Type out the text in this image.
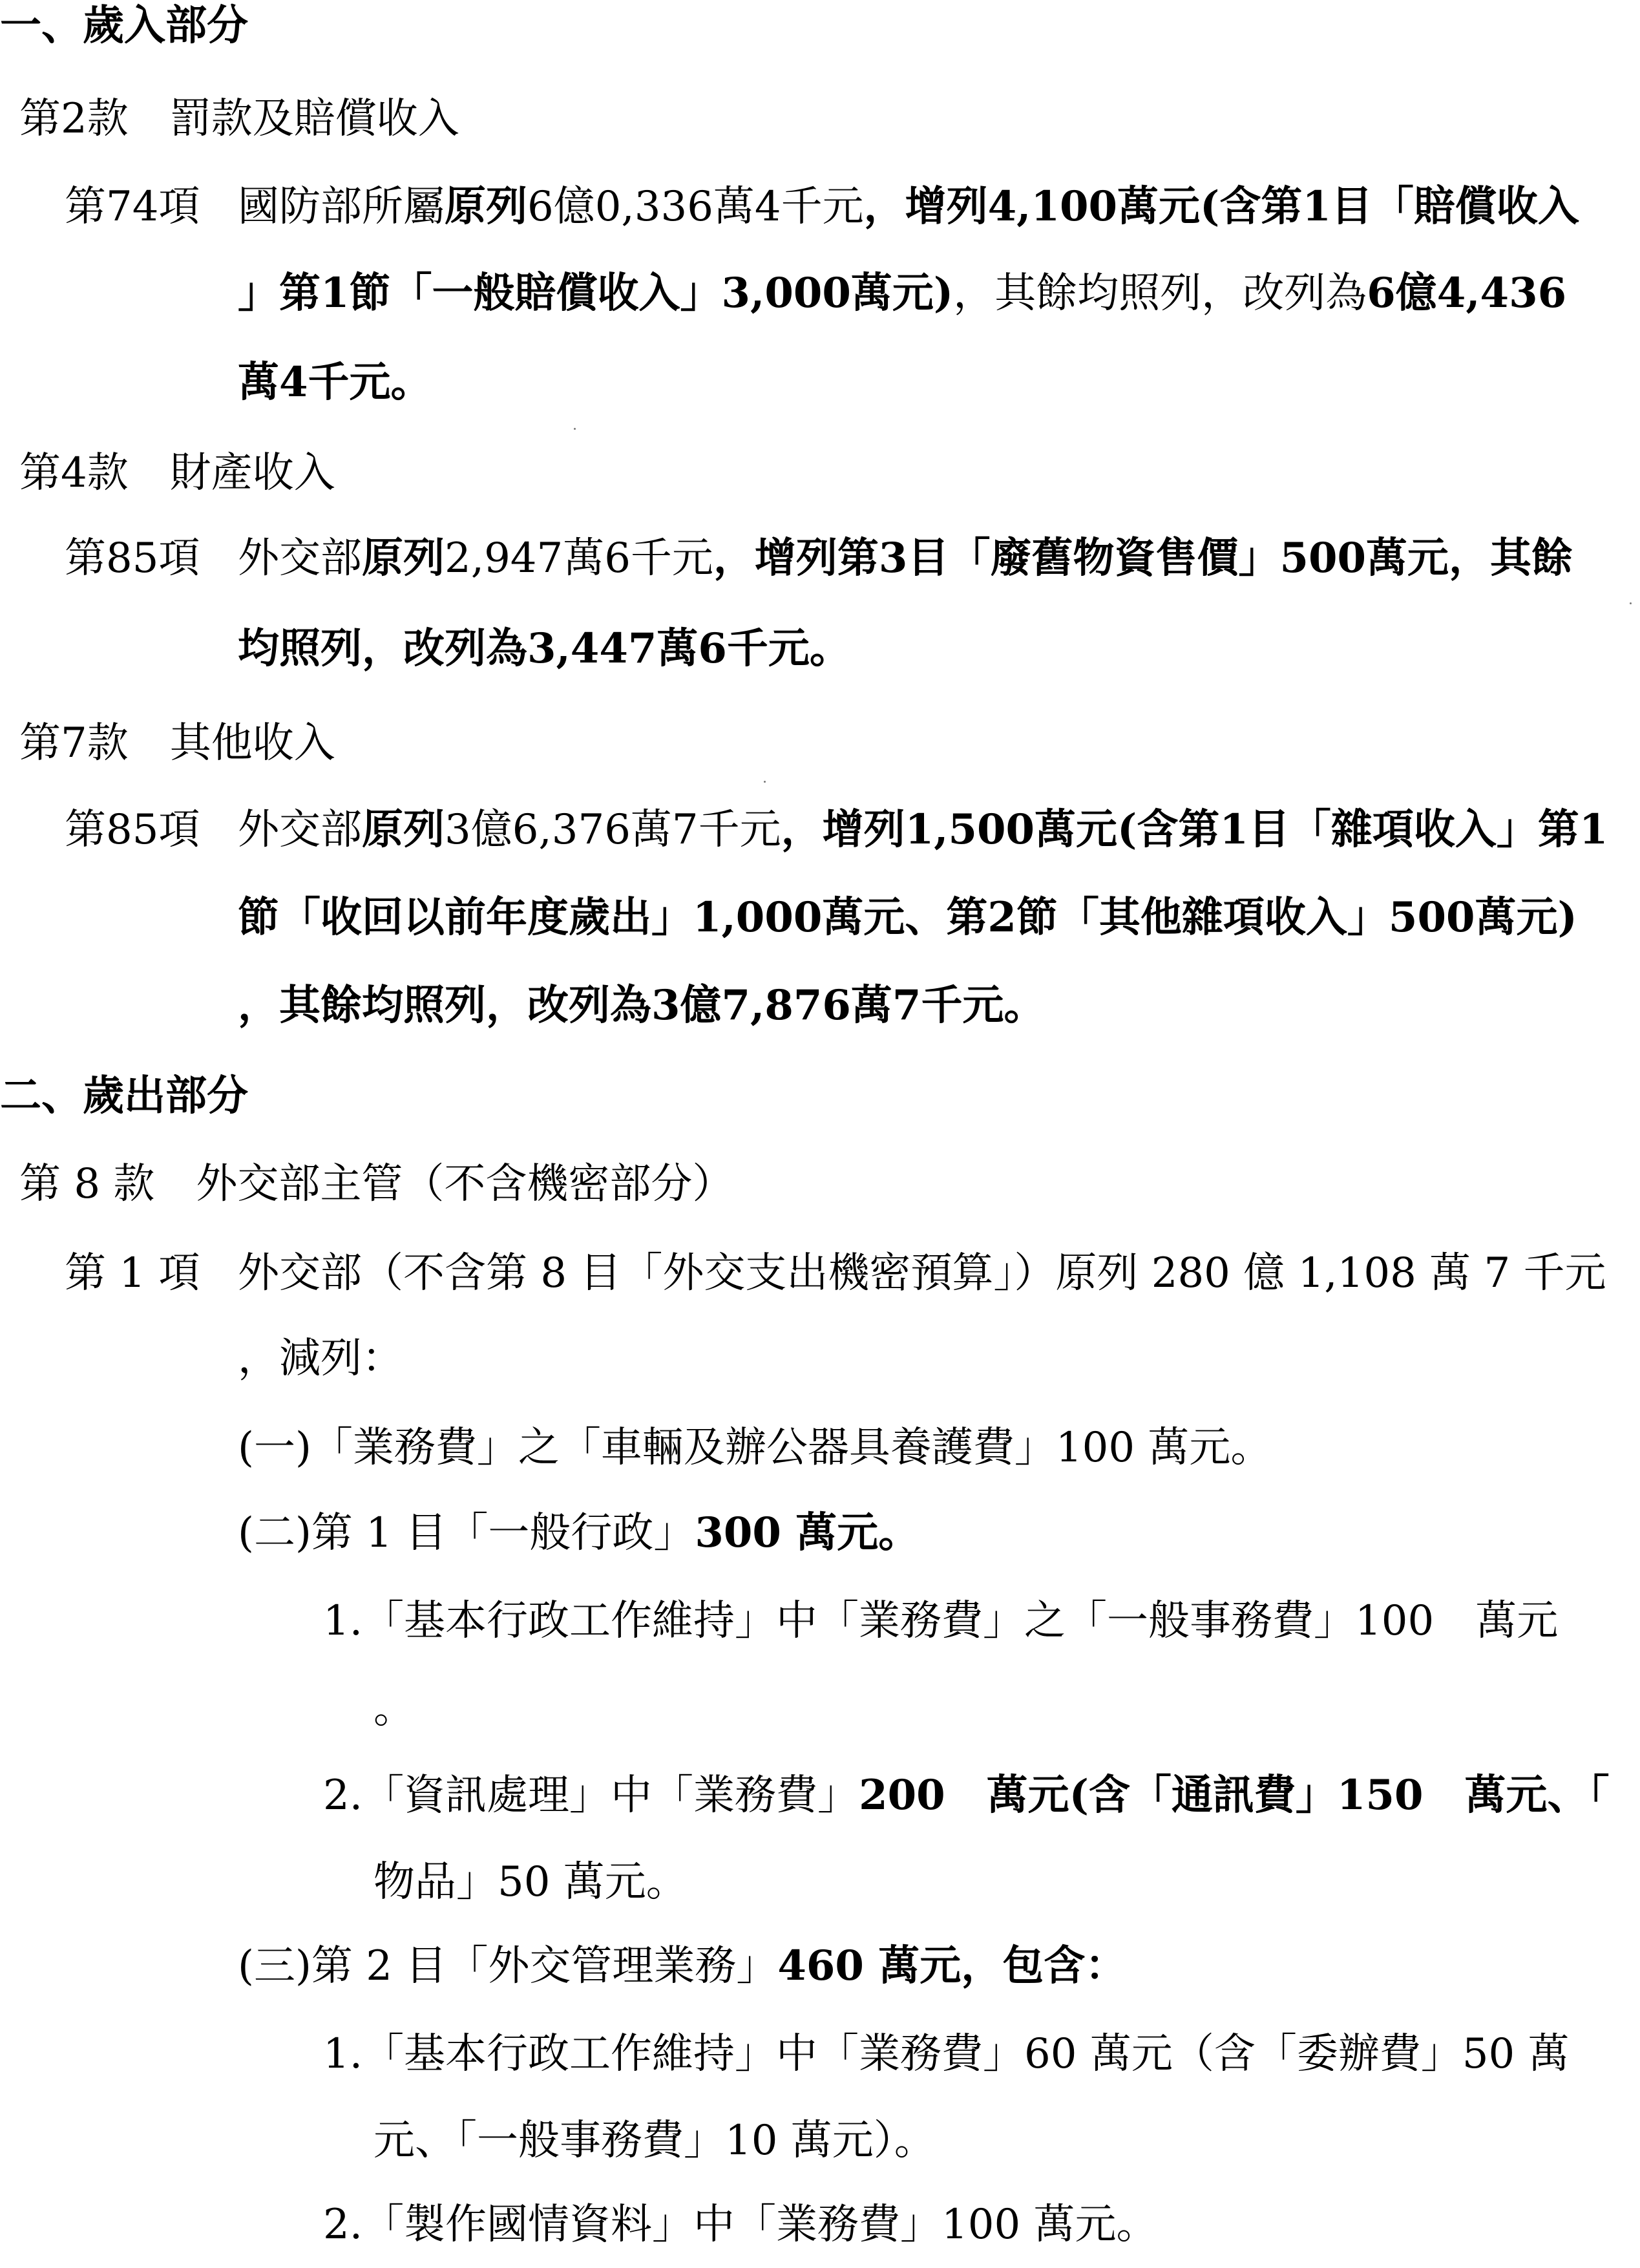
一、歲入部分
第2款　罰款及賠償收入
第74項 國防部所屬原列6億0,336萬4千元，增列4,100萬元(含第1目「賠償收入
」第1節「一般賠償收入」3,000萬元)，其餘均照列，改列為6億4,436
萬4千元。
第4款　財產收入
第85項 外交部原列2,947萬6千元，增列第3目「廢舊物資售價」500萬元，其餘
均照列，改列為3,447萬6千元。
第7款　其他收入
第85項 外交部原列3億6,376萬7千元，增列1,500萬元(含第1目「雜項收入」第1
節「收回以前年度歲出」1,000萬元、第2節「其他雜項收入」500萬元)
，其餘均照列，改列為3億7,876萬7千元。
二、歲出部分
第 8 款　外交部主管（不含機密部分）
第 1 項 外交部（不含第 8 目「外交支出機密預算」）原列 280 億 1,108 萬 7 千元
，減列：
(一)「業務費」之「車輛及辦公器具養護費」100 萬元。
(二)第 1 目「一般行政」300 萬元。
1.「基本行政工作維持」中「業務費」之「一般事務費」100　萬元
。
2.「資訊處理」中「業務費」200　萬元(含「通訊費」150　萬元、「
物品」50 萬元。
(三)第 2 目「外交管理業務」460 萬元，包含：
1.「基本行政工作維持」中「業務費」60 萬元（含「委辦費」50 萬
元、「一般事務費」10 萬元）。
2.「製作國情資料」中「業務費」100 萬元。
